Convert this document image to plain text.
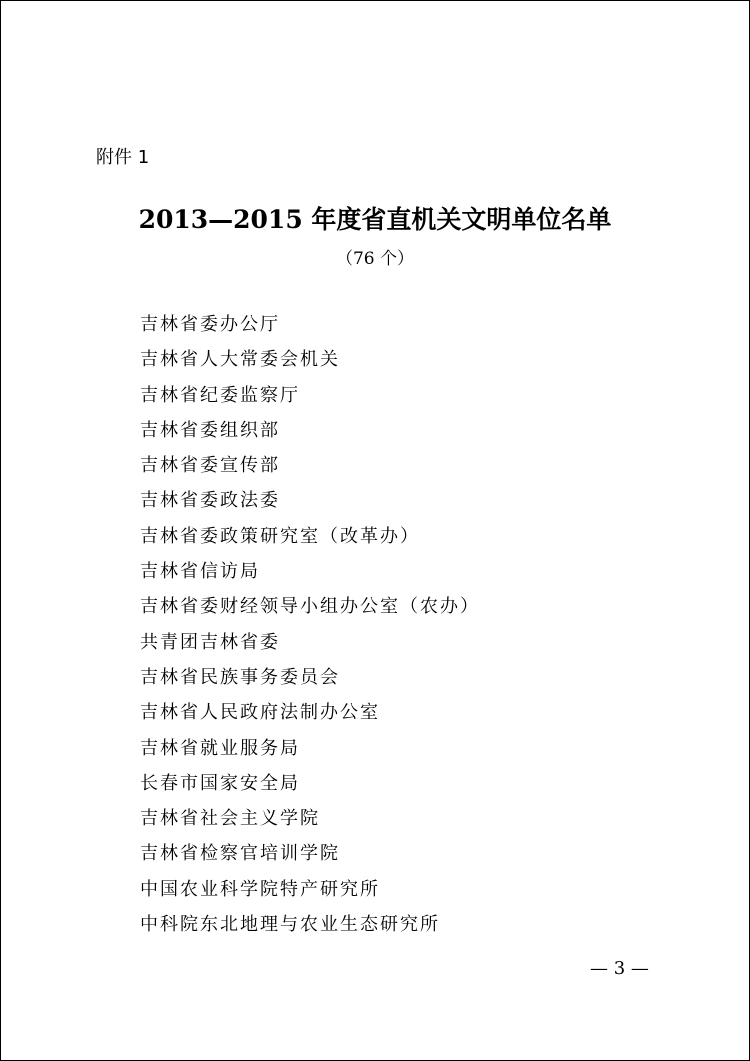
附件 1
2013—2015 年度省直机关文明单位名单
（76 个）
吉林省委办公厅
吉林省人大常委会机关
吉林省纪委监察厅
吉林省委组织部
吉林省委宣传部
吉林省委政法委
吉林省委政策研究室（改革办）
吉林省信访局
吉林省委财经领导小组办公室（农办）
共青团吉林省委
吉林省民族事务委员会
吉林省人民政府法制办公室
吉林省就业服务局
长春市国家安全局
吉林省社会主义学院
吉林省检察官培训学院
中国农业科学院特产研究所
中科院东北地理与农业生态研究所
— 3 —
